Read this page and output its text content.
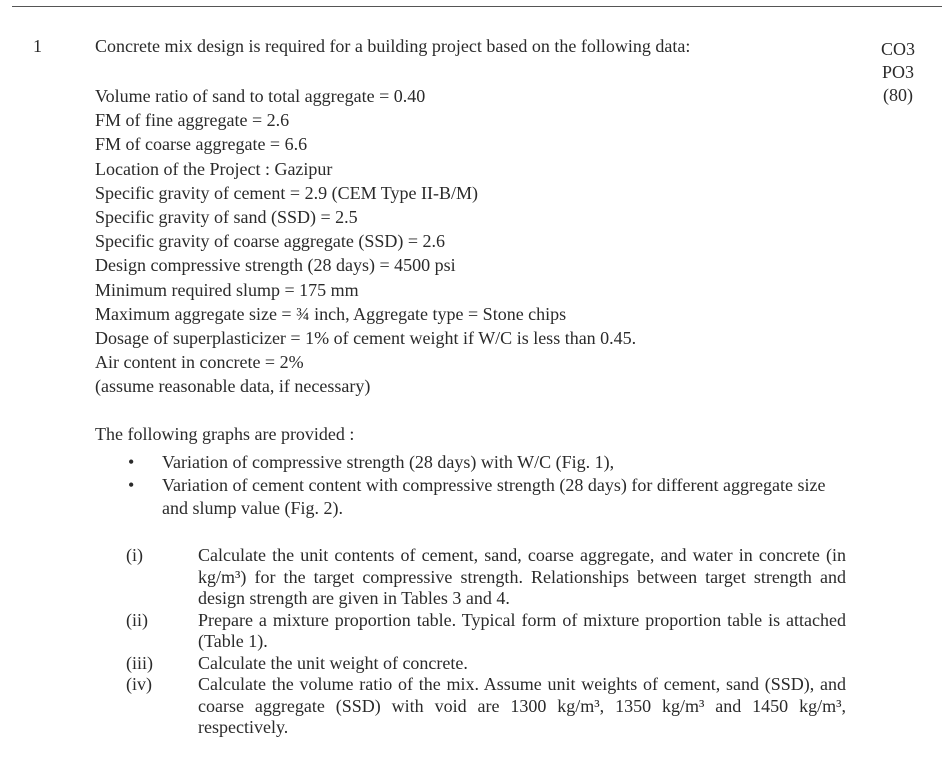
1	Concrete mix design is required for a building project based on the following data:	CO3
PO3
(80)
Volume ratio of sand to total aggregate = 0.40
FM of fine aggregate = 2.6
FM of coarse aggregate = 6.6
Location of the Project : Gazipur
Specific gravity of cement = 2.9 (CEM Type II-B/M)
Specific gravity of sand (SSD) = 2.5
Specific gravity of coarse aggregate (SSD) = 2.6
Design compressive strength (28 days) = 4500 psi
Minimum required slump = 175 mm
Maximum aggregate size = ¾ inch, Aggregate type = Stone chips
Dosage of superplasticizer = 1% of cement weight if W/C is less than 0.45.
Air content in concrete = 2%
(assume reasonable data, if necessary)
The following graphs are provided :
• Variation of compressive strength (28 days) with W/C (Fig. 1),
• Variation of cement content with compressive strength (28 days) for different aggregate size and slump value (Fig. 2).
(i)	Calculate the unit contents of cement, sand, coarse aggregate, and water in concrete (in kg/m³) for the target compressive strength. Relationships between target strength and design strength are given in Tables 3 and 4.
(ii)	Prepare a mixture proportion table. Typical form of mixture proportion table is attached (Table 1).
(iii)	Calculate the unit weight of concrete.
(iv)	Calculate the volume ratio of the mix. Assume unit weights of cement, sand (SSD), and coarse aggregate (SSD) with void are 1300 kg/m³, 1350 kg/m³ and 1450 kg/m³, respectively.
